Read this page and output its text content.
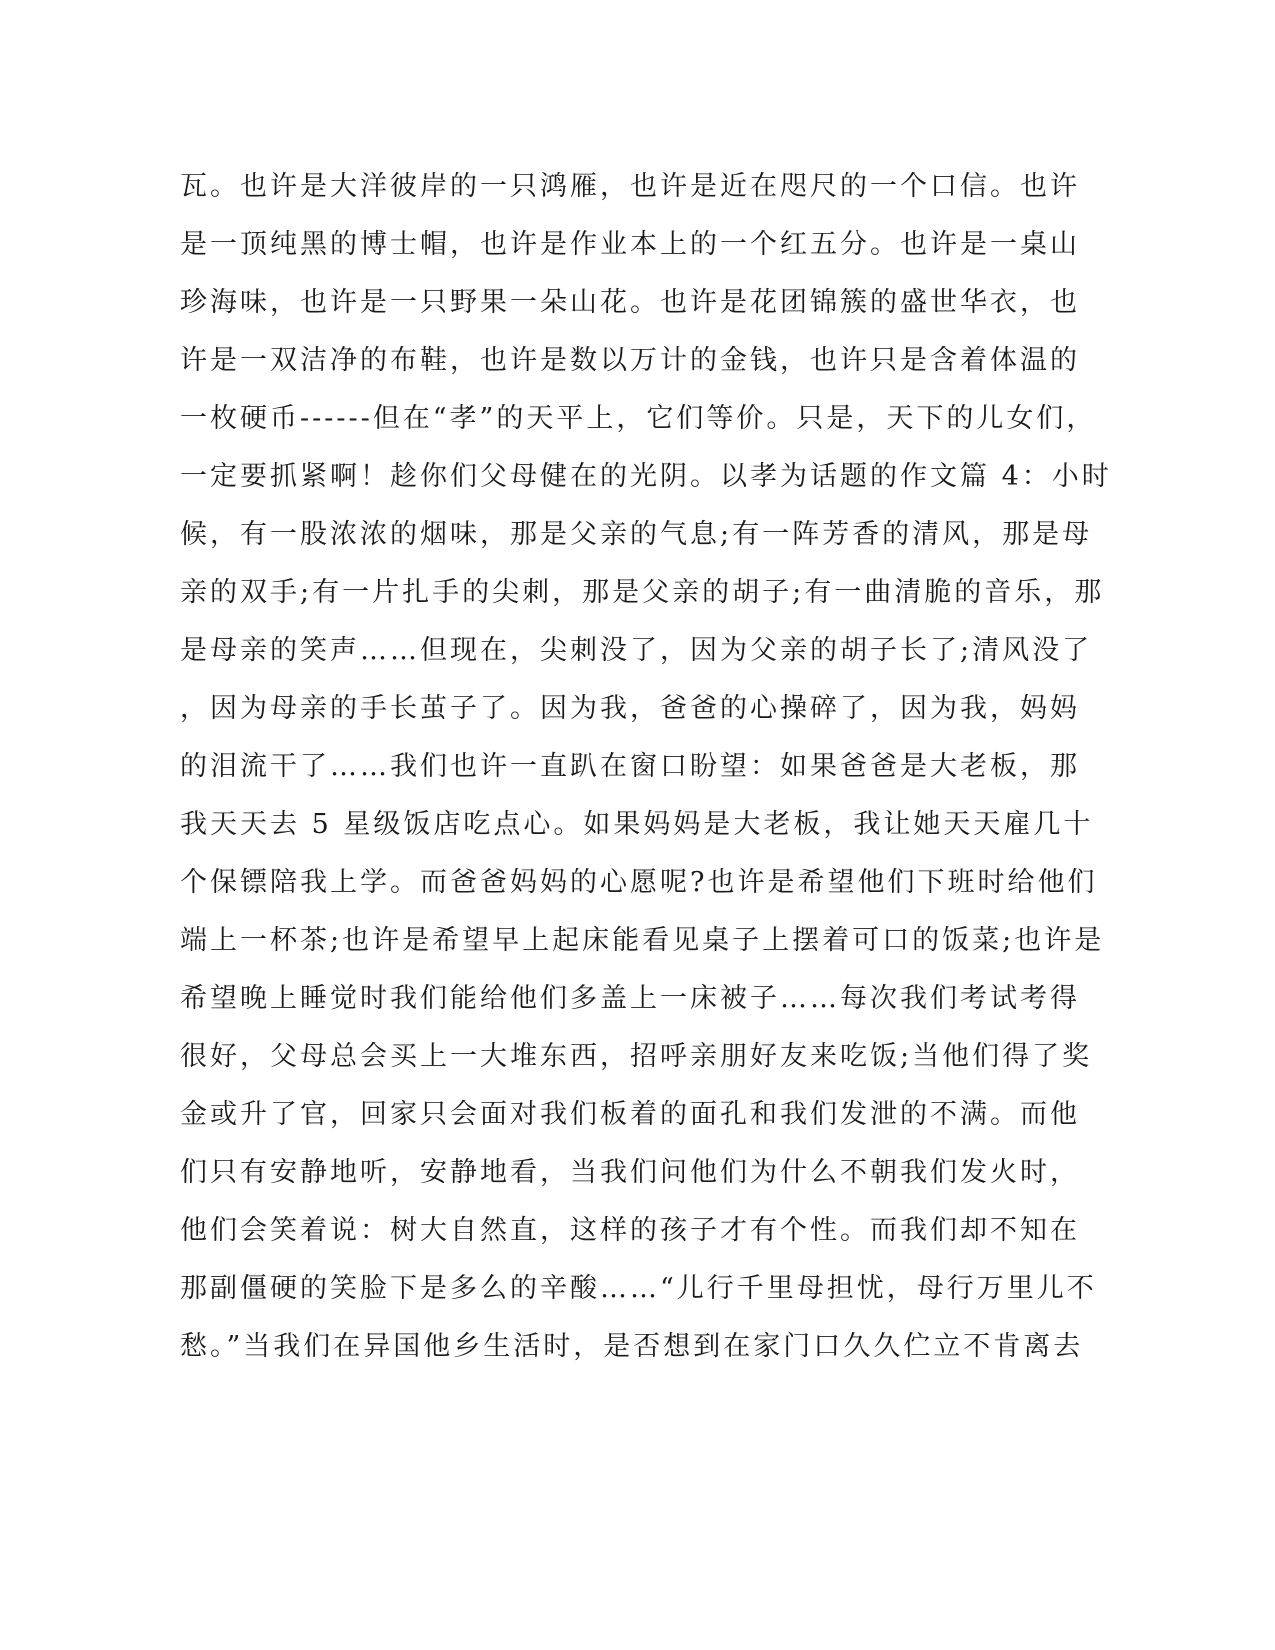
瓦。也许是大洋彼岸的一只鸿雁，也许是近在咫尺的一个口信。也许
是一顶纯黑的博士帽，也许是作业本上的一个红五分。也许是一桌山
珍海味，也许是一只野果一朵山花。也许是花团锦簇的盛世华衣，也
许是一双洁净的布鞋，也许是数以万计的金钱，也许只是含着体温的
一枚硬币------但在“孝”的天平上，它们等价。只是，天下的儿女们，
一定要抓紧啊！趁你们父母健在的光阴。以孝为话题的作文篇 4：小时
候，有一股浓浓的烟味，那是父亲的气息;有一阵芳香的清风，那是母
亲的双手;有一片扎手的尖刺，那是父亲的胡子;有一曲清脆的音乐，那
是母亲的笑声……但现在，尖刺没了，因为父亲的胡子长了;清风没了
，因为母亲的手长茧子了。因为我，爸爸的心操碎了，因为我，妈妈
的泪流干了……我们也许一直趴在窗口盼望：如果爸爸是大老板，那
我天天去 5 星级饭店吃点心。如果妈妈是大老板，我让她天天雇几十
个保镖陪我上学。而爸爸妈妈的心愿呢?也许是希望他们下班时给他们
端上一杯茶;也许是希望早上起床能看见桌子上摆着可口的饭菜;也许是
希望晚上睡觉时我们能给他们多盖上一床被子……每次我们考试考得
很好，父母总会买上一大堆东西，招呼亲朋好友来吃饭;当他们得了奖
金或升了官，回家只会面对我们板着的面孔和我们发泄的不满。而他
们只有安静地听，安静地看，当我们问他们为什么不朝我们发火时，
他们会笑着说：树大自然直，这样的孩子才有个性。而我们却不知在
那副僵硬的笑脸下是多么的辛酸……“儿行千里母担忧，母行万里儿不
愁。”当我们在异国他乡生活时，是否想到在家门口久久伫立不肯离去
